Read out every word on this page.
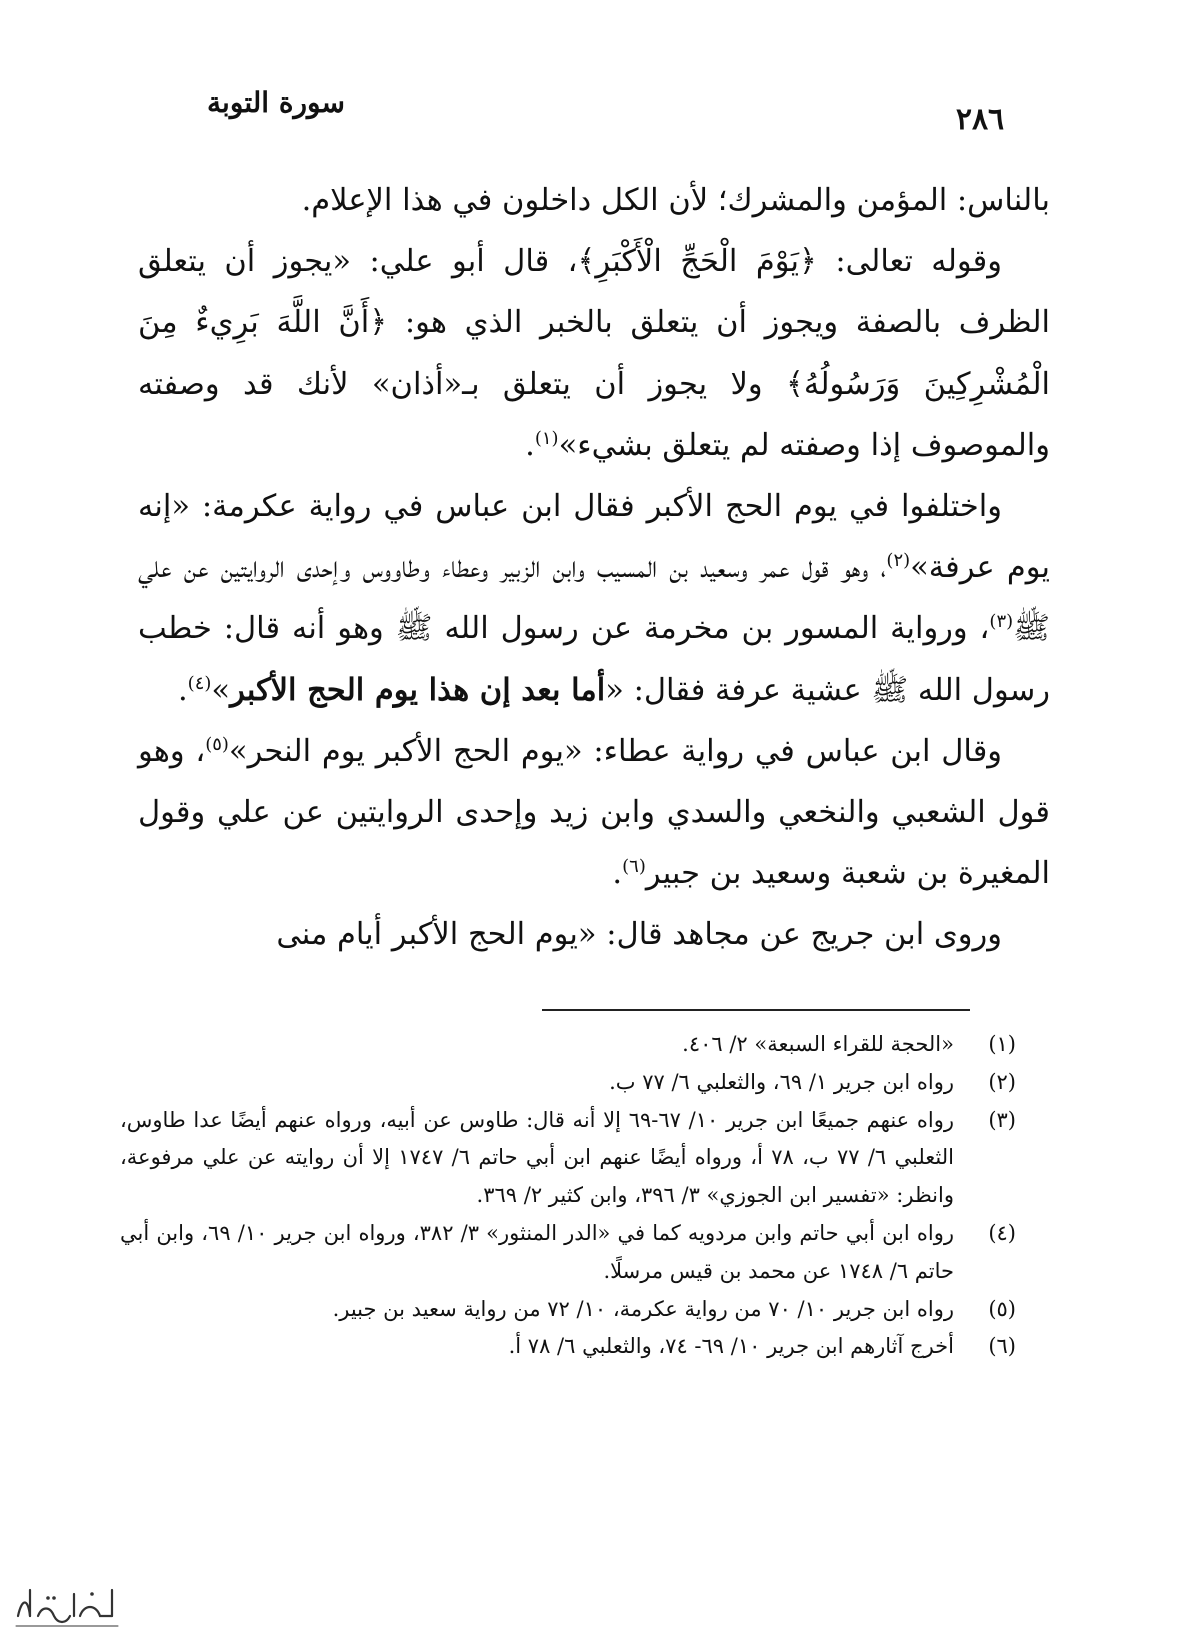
سورة التوبة	٢٨٦

بالناس: المؤمن والمشرك؛ لأن الكل داخلون في هذا الإعلام.

وقوله تعالى: ﴿يَوْمَ الْحَجِّ الْأَكْبَرِ﴾، قال أبو علي: «يجوز أن يتعلق الظرف بالصفة ويجوز أن يتعلق بالخبر الذي هو: ﴿أَنَّ اللَّهَ بَرِيءٌ مِنَ الْمُشْرِكِينَ وَرَسُولُهُ﴾ ولا يجوز أن يتعلق بـ«أذان» لأنك قد وصفته والموصوف إذا وصفته لم يتعلق بشيء»$^{(١)}$.

واختلفوا في يوم الحج الأكبر فقال ابن عباس في رواية عكرمة: «إنه يوم عرفة»$^{(٢)}$، وهو قول عمر وسعيد بن المسيب وابن الزبير وعطاء وطاووس وإحدى الروايتين عن علي ﷺ$^{(٣)}$، ورواية المسور بن مخرمة عن رسول الله ﷺ وهو أنه قال: خطب رسول الله ﷺ عشية عرفة فقال: «أما بعد إن هذا يوم الحج الأكبر»$^{(٤)}$.

وقال ابن عباس في رواية عطاء: «يوم الحج الأكبر يوم النحر»$^{(٥)}$، وهو قول الشعبي والنخعي والسدي وابن زيد وإحدى الروايتين عن علي وقول المغيرة بن شعبة وسعيد بن جبير$^{(٦)}$.

وروى ابن جريج عن مجاهد قال: «يوم الحج الأكبر أيام منى

(١)
«الحجة للقراء السبعة» ٢/ ٤٠٦.
(٢)
رواه ابن جرير ١/ ٦٩، والثعلبي ٦/ ٧٧ ب.
(٣)
رواه عنهم جميعًا ابن جرير ١٠/ ٦٧-٦٩ إلا أنه قال: طاوس عن أبيه، ورواه عنهم أيضًا عدا طاوس، الثعلبي ٦/ ٧٧ ب، ٧٨ أ، ورواه أيضًا عنهم ابن أبي حاتم ٦/ ١٧٤٧ إلا أن روايته عن علي مرفوعة، وانظر: «تفسير ابن الجوزي» ٣/ ٣٩٦، وابن كثير ٢/ ٣٦٩.
(٤)
رواه ابن أبي حاتم وابن مردويه كما في «الدر المنثور» ٣/ ٣٨٢، ورواه ابن جرير ١٠/ ٦٩، وابن أبي حاتم ٦/ ١٧٤٨ عن محمد بن قيس مرسلًا.
(٥)
رواه ابن جرير ١٠/ ٧٠ من رواية عكرمة، ١٠/ ٧٢ من رواية سعيد بن جبير.
(٦)
أخرج آثارهم ابن جرير ١٠/ ٦٩- ٧٤، والثعلبي ٦/ ٧٨ أ.
